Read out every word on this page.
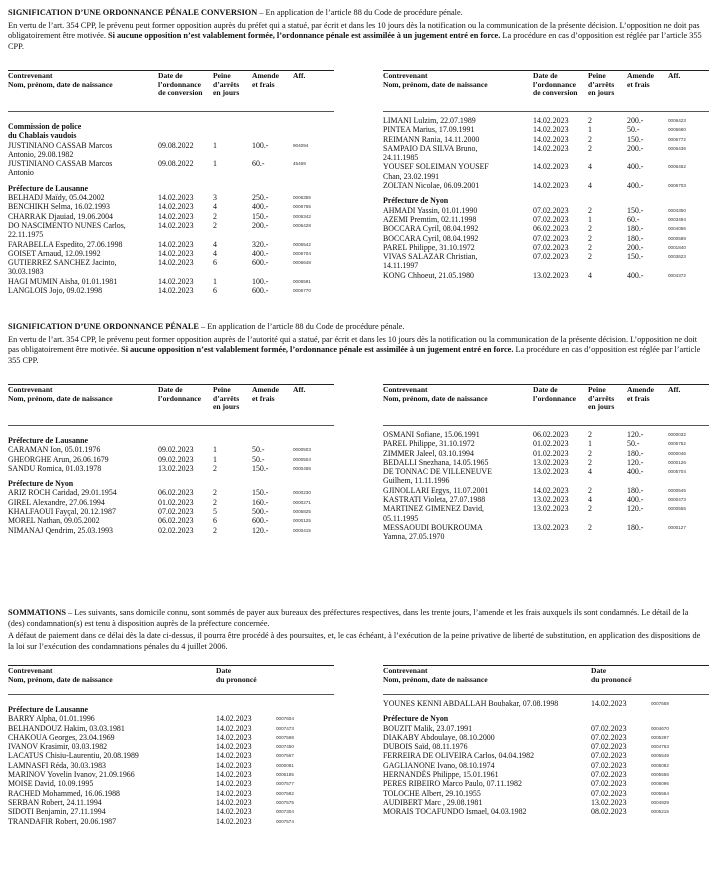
SIGNIFICATION D’UNE ORDONNANCE PÉNALE CONVERSION – En application de l’article 88 du Code de procédure pénale.

En vertu de l’art. 354 CPP, le prévenu peut former opposition auprès du préfet qui a statué, par écrit et dans les 10 jours dès la notification ou la communication de la présente décision. L’opposition ne doit pas obligatoirement être motivée. Si aucune opposition n’est valablement formée, l’ordonnance pénale est assimilée à un jugement entré en force. La procédure en cas d’opposition est réglée par l’article 355 CPP.

Contrevenant
Nom, prénom, date de naissance
Date de
l’ordonnance
de conversion
Peine
d’arrêts
en jours
Amende
et frais
Aff.
Commission de police
du Chablais vaudois				
JUSTINIANO CASSAB Marcos
Antonio, 29.08.1982	09.08.2022	1	100.-	904094
JUSTINIANO CASSAB Marcos
Antonio	09.08.2022	1	60.-	45469
Préfecture de Lausanne				
BELHADJ Maïdy, 05.04.2002	14.02.2023	3	250.-	0006355
BENCHIKH Selma, 16.02.1993	14.02.2023	4	400.-	0006765
CHARRAK Djauiad, 19.06.2004	14.02.2023	2	150.-	0006342
DO NASCIMENTO NUNES Carlos,
22.11.1975	14.02.2023	2	200.-	0006428
FARABELLA Espedito, 27.06.1998	14.02.2023	4	320.-	0006542
GOISET Arnaud, 12.09.1992	14.02.2023	4	400.-	0006704
GUTIERREZ SANCHEZ Jacinto,
30.03.1983	14.02.2023	6	600.-	0006648
HAGI MUMIN Aisha, 01.01.1981	14.02.2023	1	100.-	0006591
LANGLOIS Jojo, 09.02.1998	14.02.2023	6	600.-	0006770
Contrevenant
Nom, prénom, date de naissance
Date de
l’ordonnance
de conversion
Peine
d’arrêts
en jours
Amende
et frais
Aff.
LIMANI Lulzim, 22.07.1989	14.02.2023	2	200.-	0006423
PINTEA Marius, 17.09.1991	14.02.2023	1	50.-	0006660
REIMANN Rania, 14.11.2000	14.02.2023	2	150.-	0006772
SAMPAIO DA SILVA Bruno,
24.11.1985	14.02.2023	2	200.-	0006436
YOUSEF SOLEIMAN YOUSEF
Chan, 23.02.1991	14.02.2023	4	400.-	0006452
ZOLTAN Nicolae, 06.09.2001	14.02.2023	4	400.-	0006703
Préfecture de Nyon				
AHMADI Yassin, 01.01.1990	07.02.2023	2	150.-	0004350
AZEMI Premtim, 02.11.1998	07.02.2023	1	60.-	0003494
BOCCARA Cyril, 08.04.1992	06.02.2023	2	180.-	0004056
BOCCARA Cyril, 08.04.1992	07.02.2023	2	180.-	0000589
PAREL Philippe, 31.10.1972	07.02.2023	2	200.-	0001840
VIVAS SALAZAR Christian,
14.11.1997	07.02.2023	2	150.-	0003623
KONG Chhoeut, 21.05.1980	13.02.2023	4	400.-	0004372

SIGNIFICATION D’UNE ORDONNANCE PÉNALE – En application de l’article 88 du Code de procédure pénale.

En vertu de l’art. 354 CPP, le prévenu peut former opposition auprès de l’autorité qui a statué, par écrit et dans les 10 jours dès la notification ou la communication de la présente décision. L’opposition ne doit pas obligatoirement être motivée. Si aucune opposition n’est valablement formée, l’ordonnance pénale est assimilée à un jugement entré en force. La procédure en cas d’opposition est réglée par l’article 355 CPP.

Contrevenant
Nom, prénom, date de naissance
Date de
l’ordonnance
Peine
d’arrêts
en jours
Amende
et frais
Aff.
Préfecture de Lausanne				
CARAMAN Ion, 05.01.1976	09.02.2023	1	50.-	0000503
GHEORGHE Arun, 26.06.1679	09.02.2023	1	50.-	0000504
SANDU Romica, 01.03.1978	13.02.2023	2	150.-	0000458
Préfecture de Nyon				
ARIZ ROCH Caridad, 29.01.1954	06.02.2023	2	150.-	0000230
GIREL Alexandre, 27.06.1994	01.02.2023	2	160.-	0000271
KHALFAOUI Fayçal, 20.12.1987	07.02.2023	5	500.-	0005825
MOREL Nathan, 09.05.2002	06.02.2023	6	600.-	0000125
NIMANAJ Qendrim, 25.03.1993	02.02.2023	2	120.-	0000415
Contrevenant
Nom, prénom, date de naissance
Date de
l’ordonnance
Peine
d’arrêts
en jours
Amende
et frais
Aff.
OSMANI Sofiane, 15.06.1991	06.02.2023	2	120.-	0000032
PAREL Philippe, 31.10.1972	01.02.2023	1	50.-	0005752
ZIMMER Jaleel, 03.10.1994	01.02.2023	2	180.-	0000046
BEDALLI Snezhana, 14.05.1965	13.02.2023	2	120.-	0000126
DE TONNAC DE VILLENEUVE
Guilhem, 11.11.1996	13.02.2023	4	400.-	0005704
GJINOLLARI Ergys, 11.07.2001	14.02.2023	2	180.-	0000545
KASTRATI Violeta, 27.07.1988	13.02.2023	4	400.-	0000473
MARTINEZ GIMENEZ David,
05.11.1995	13.02.2023	2	120.-	0000555
MESSAOUDI BOUKROUMA
Yamna, 27.05.1970	13.02.2023	2	180.-	0000127

SOMMATIONS – Les suivants, sans domicile connu, sont sommés de payer aux bureaux des préfectures respectives, dans les trente jours, l’amende et les frais auxquels ils sont condamnés. Le détail de la (des) condamnation(s) est tenu à disposition auprès de la préfecture concernée.

A défaut de paiement dans ce délai dès la date ci-dessus, il pourra être procédé à des poursuites, et, le cas échéant, à l’exécution de la peine privative de liberté de substitution, en application des dispositions de la loi sur l’exécution des condamnations pénales du 4 juillet 2006.

Contrevenant
Nom, prénom, date de naissance
Date
du prononcé
Préfecture de Lausanne		
BARRY Alpha, 01.01.1996	14.02.2023	0007604
BELHANDOUZ Hakim, 03.03.1981	14.02.2023	0007473
CHAKOUA Georges, 23.04.1969	14.02.2023	0007568
IVANOV Krasimir, 03.03.1982	14.02.2023	0007450
LACATUS Chisiu-Laurentiu, 20.08.1989	14.02.2023	0007567
LAMNASFI Réda, 30.03.1983	14.02.2023	0000081
MARINOV Yovelin Ivanov, 21.09.1966	14.02.2023	0006185
MOISE David, 10.09.1995	14.02.2023	0007577
RACHED Mohammed, 16.06.1988	14.02.2023	0007582
SERBAN Robert, 24.11.1994	14.02.2023	0007575
SIDOTI Benjamin, 27.11.1994	14.02.2023	0007304
TRANDAFIR Robert, 20.06.1987	14.02.2023	0007574
Contrevenant
Nom, prénom, date de naissance
Date
du prononcé
YOUNES KENNI ABDALLAH Boubakar, 07.08.1998	14.02.2023	0007558
Préfecture de Nyon		
BOUZIT Malik, 23.07.1991	07.02.2023	0004670
DIAKABY Abdoulaye, 08.10.2000	07.02.2023	0005297
DUBOIS Saïd, 08.11.1976	07.02.2023	0004763
FERREIRA DE OLIVEIRA Carlos, 04.04.1982	07.02.2023	0005549
GAGLIANONE Ivano, 08.10.1974	07.02.2023	0005082
HERNANDÈS Philippe, 15.01.1961	07.02.2023	0005556
PERES RIBEIRO Marco Paulo, 07.11.1982	07.02.2023	0005096
TOLOCHE Albert, 29.10.1955	07.02.2023	0005564
AUDIBERT Marc , 29.08.1981	13.02.2023	0004929
MORAIS TOCAFUNDO Ismael, 04.03.1982	08.02.2023	0005215
